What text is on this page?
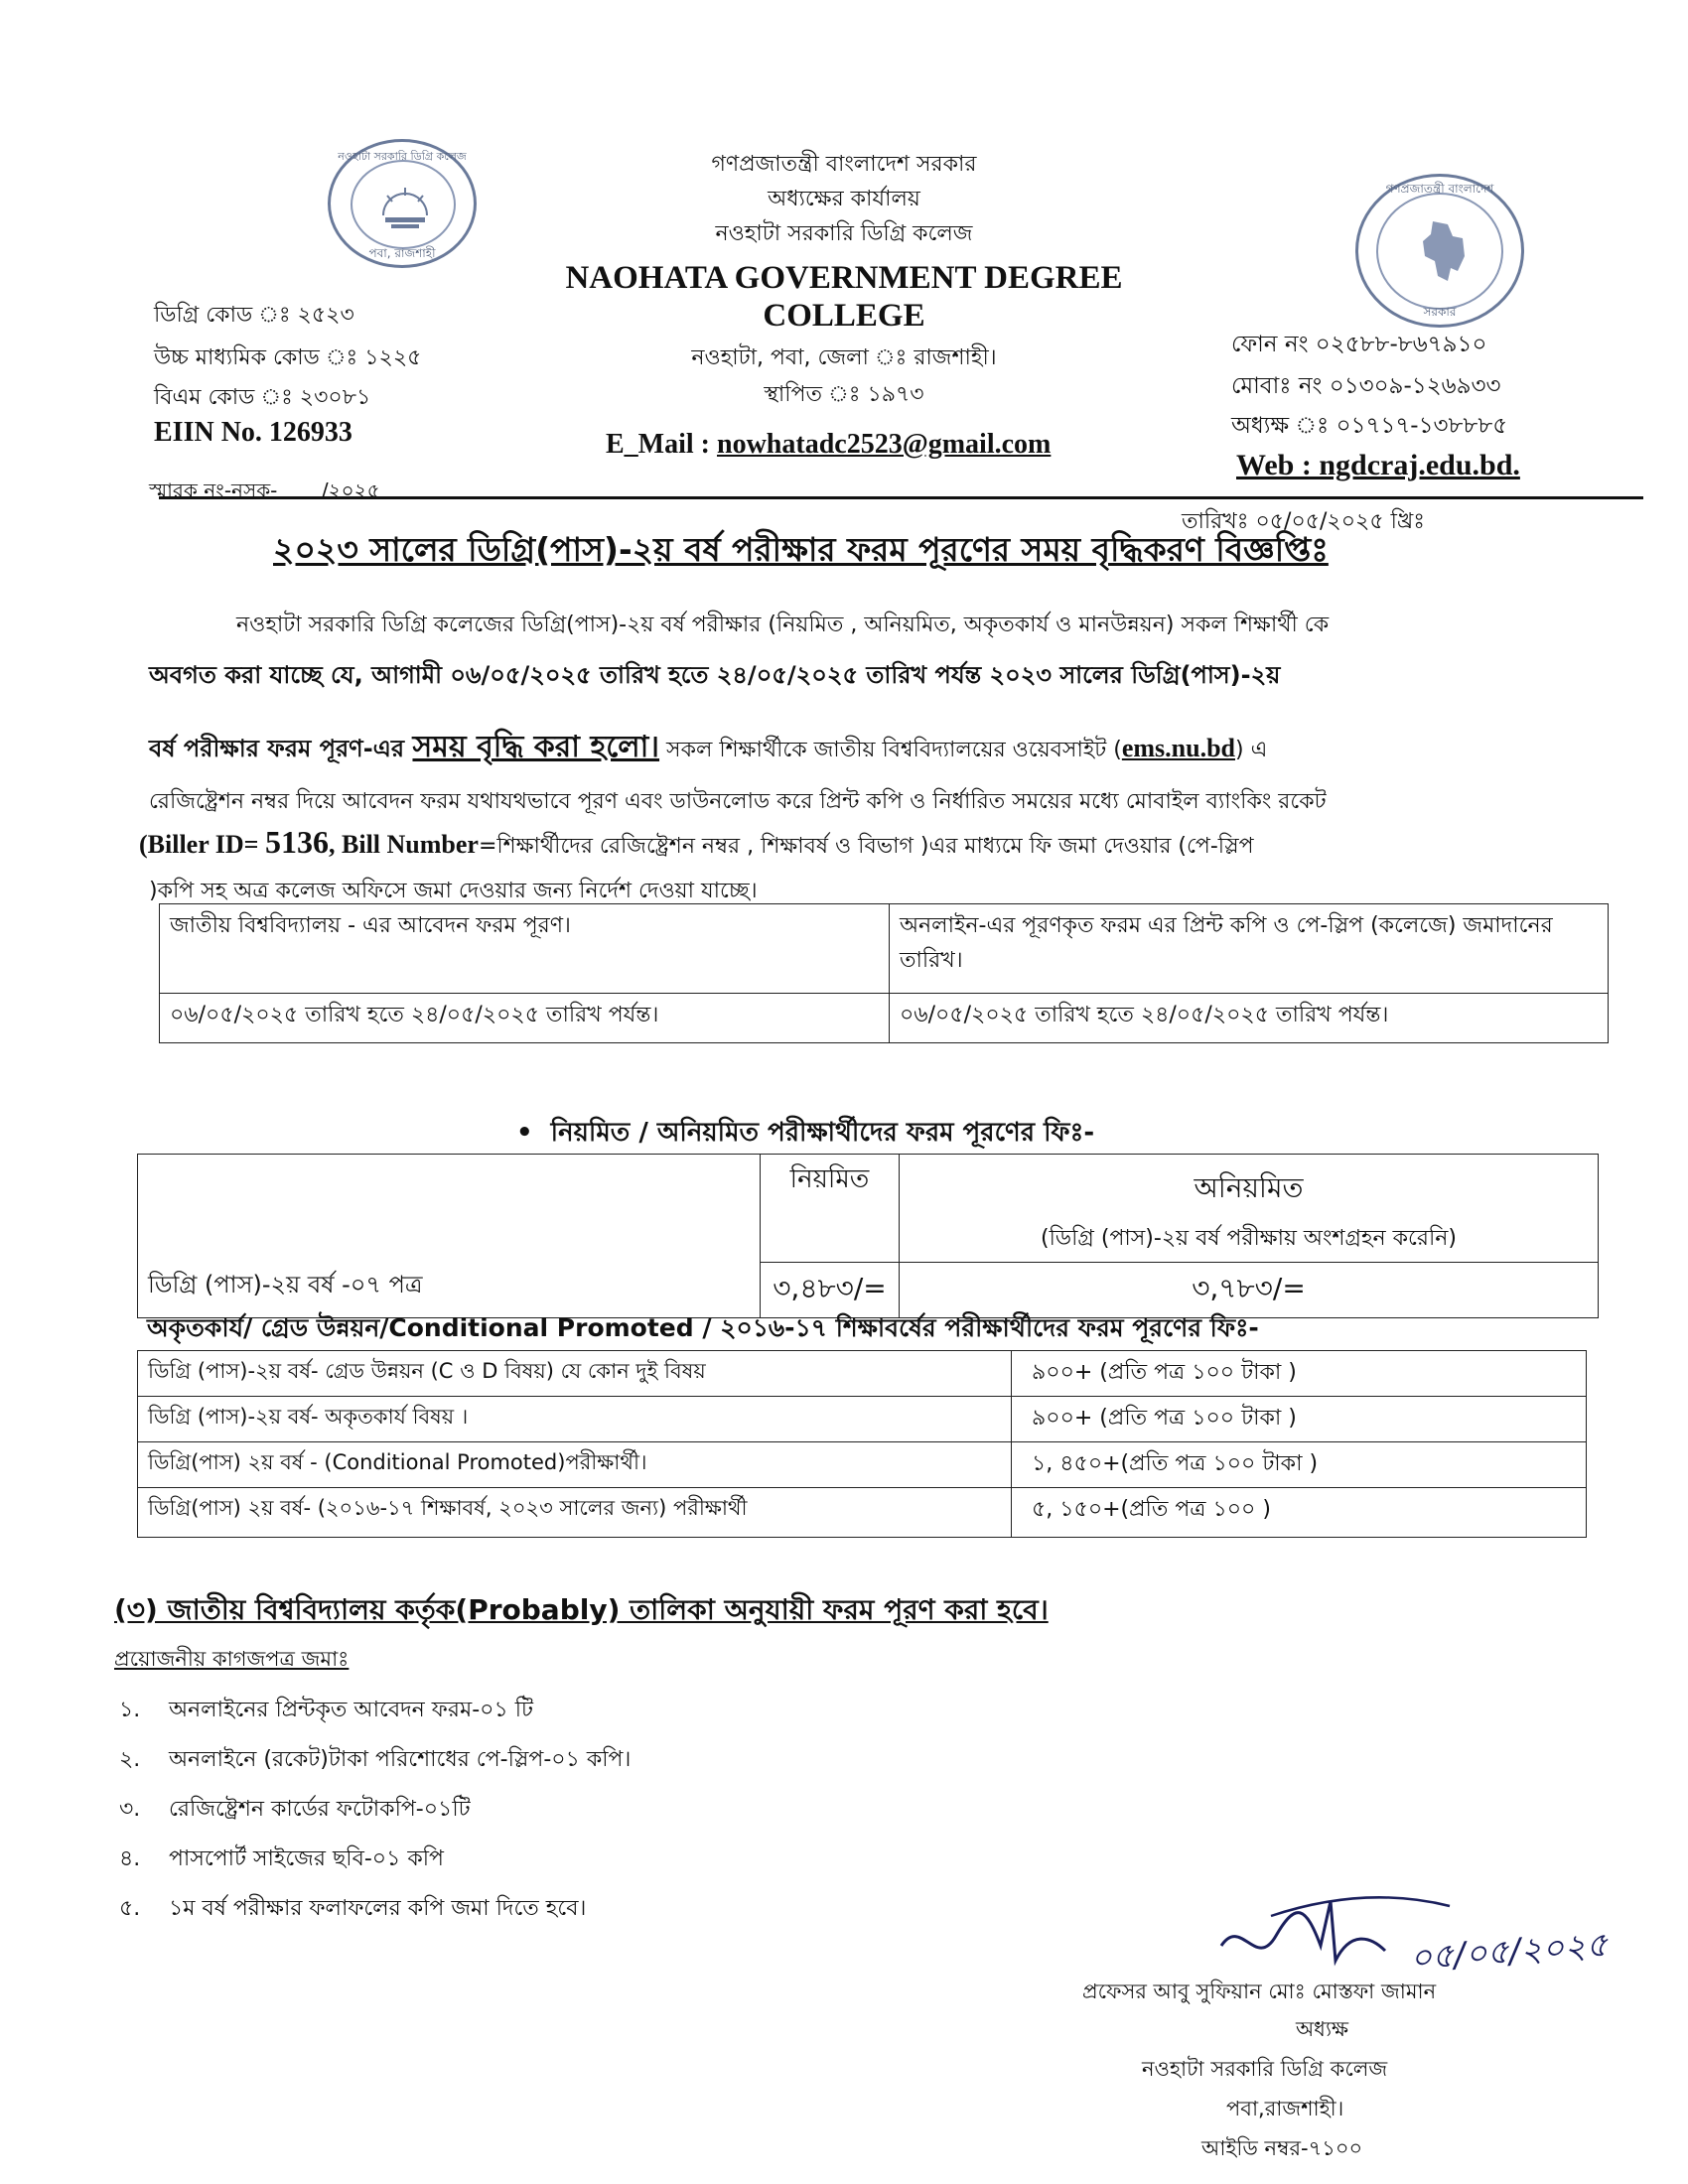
নওহাটা সরকারি ডিগ্রি কলেজ
পবা, রাজশাহী
গণপ্রজাতন্ত্রী বাংলাদেশ
সরকার
গণপ্রজাতন্ত্রী বাংলাদেশ সরকার
অধ্যক্ষের কার্যালয়
নওহাটা সরকারি ডিগ্রি কলেজ
NAOHATA GOVERNMENT DEGREE
COLLEGE
নওহাটা, পবা, জেলা ঃ রাজশাহী।
স্থাপিত ঃ ১৯৭৩
E_Mail : nowhatadc2523@gmail.com
ডিগ্রি কোড ঃ ২৫২৩
উচ্চ মাধ্যমিক কোড ঃ ১২২৫
বিএম কোড ঃ ২৩০৮১
EIIN No. 126933
ফোন নং ০২৫৮৮-৮৬৭৯১০
মোবাঃ নং ০১৩০৯-১২৬৯৩৩
অধ্যক্ষ ঃ ০১৭১৭-১৩৮৮৮৫
Web : ngdcraj.edu.bd.
স্মারক নং-নসক-       /২০২৫
তারিখঃ ০৫/০৫/২০২৫ খ্রিঃ
২০২৩ সালের ডিগ্রি(পাস)-২য় বর্ষ পরীক্ষার ফরম পূরণের সময় বৃদ্ধিকরণ বিজ্ঞপ্তিঃ
নওহাটা সরকারি ডিগ্রি কলেজের ডিগ্রি(পাস)-২য় বর্ষ পরীক্ষার (নিয়মিত , অনিয়মিত, অকৃতকার্য ও মানউন্নয়ন) সকল শিক্ষার্থী কে
অবগত করা যাচ্ছে যে, আগামী ০৬/০৫/২০২৫ তারিখ হতে ২৪/০৫/২০২৫ তারিখ পর্যন্ত ২০২৩ সালের ডিগ্রি(পাস)-২য়
বর্ষ পরীক্ষার ফরম পূরণ-এর সময় বৃদ্ধি করা হলো। সকল শিক্ষার্থীকে জাতীয় বিশ্ববিদ্যালয়ের ওয়েবসাইট (ems.nu.bd) এ
রেজিষ্ট্রেশন নম্বর দিয়ে আবেদন ফরম যথাযথভাবে পূরণ এবং ডাউনলোড করে প্রিন্ট কপি ও নির্ধারিত সময়ের মধ্যে মোবাইল ব্যাংকিং রকেট
(Biller ID= 5136, Bill Number=শিক্ষার্থীদের রেজিষ্ট্রেশন নম্বর , শিক্ষাবর্ষ ও বিভাগ )এর মাধ্যমে ফি জমা দেওয়ার (পে-স্লিপ
)কপি সহ অত্র কলেজ অফিসে জমা দেওয়ার জন্য নির্দেশ দেওয়া যাচ্ছে।
জাতীয় বিশ্ববিদ্যালয় - এর আবেদন ফরম পূরণ।	অনলাইন-এর পূরণকৃত ফরম এর প্রিন্ট কপি ও পে-স্লিপ (কলেজে) জমাদানের তারিখ।
০৬/০৫/২০২৫ তারিখ হতে ২৪/০৫/২০২৫ তারিখ পর্যন্ত।	০৬/০৫/২০২৫ তারিখ হতে ২৪/০৫/২০২৫ তারিখ পর্যন্ত।
• নিয়মিত / অনিয়মিত পরীক্ষার্থীদের ফরম পূরণের ফিঃ-
	নিয়মিত	অনিয়মিত
(ডিগ্রি (পাস)-২য় বর্ষ পরীক্ষায় অংশগ্রহন করেনি)

ডিগ্রি (পাস)-২য় বর্ষ -০৭ পত্র	৩,৪৮৩/=	৩,৭৮৩/=
অকৃতকার্য/ গ্রেড উন্নয়ন/Conditional Promoted / ২০১৬-১৭ শিক্ষাবর্ষের পরীক্ষার্থীদের ফরম পূরণের ফিঃ-
ডিগ্রি (পাস)-২য় বর্ষ- গ্রেড উন্নয়ন (C ও D বিষয়) যে কোন দুই বিষয়	৯০০+ (প্রতি পত্র ১০০ টাকা )
ডিগ্রি (পাস)-২য় বর্ষ- অকৃতকার্য বিষয় ।	৯০০+ (প্রতি পত্র ১০০ টাকা )
ডিগ্রি(পাস) ২য় বর্ষ - (Conditional Promoted)পরীক্ষার্থী।	১, ৪৫০+(প্রতি পত্র ১০০ টাকা )
ডিগ্রি(পাস) ২য় বর্ষ- (২০১৬-১৭ শিক্ষাবর্ষ, ২০২৩ সালের জন্য) পরীক্ষার্থী	৫, ১৫০+(প্রতি পত্র ১০০ )
(৩) জাতীয় বিশ্ববিদ্যালয় কর্তৃক(Probably) তালিকা অনুযায়ী ফরম পূরণ করা হবে।
প্রয়োজনীয় কাগজপত্র জমাঃ
১. অনলাইনের প্রিন্টকৃত আবেদন ফরম-০১ টি
২. অনলাইনে (রকেট)টাকা পরিশোধের পে-স্লিপ-০১ কপি।
৩. রেজিষ্ট্রেশন কার্ডের ফটোকপি-০১টি
৪. পাসপোর্ট সাইজের ছবি-০১ কপি
৫. ১ম বর্ষ পরীক্ষার ফলাফলের কপি জমা দিতে হবে।
০৫/০৫/২০২৫
প্রফেসর আবু সুফিয়ান মোঃ মোস্তফা জামান
অধ্যক্ষ
নওহাটা সরকারি ডিগ্রি কলেজ
পবা,রাজশাহী।
আইডি নম্বর-৭১০০
